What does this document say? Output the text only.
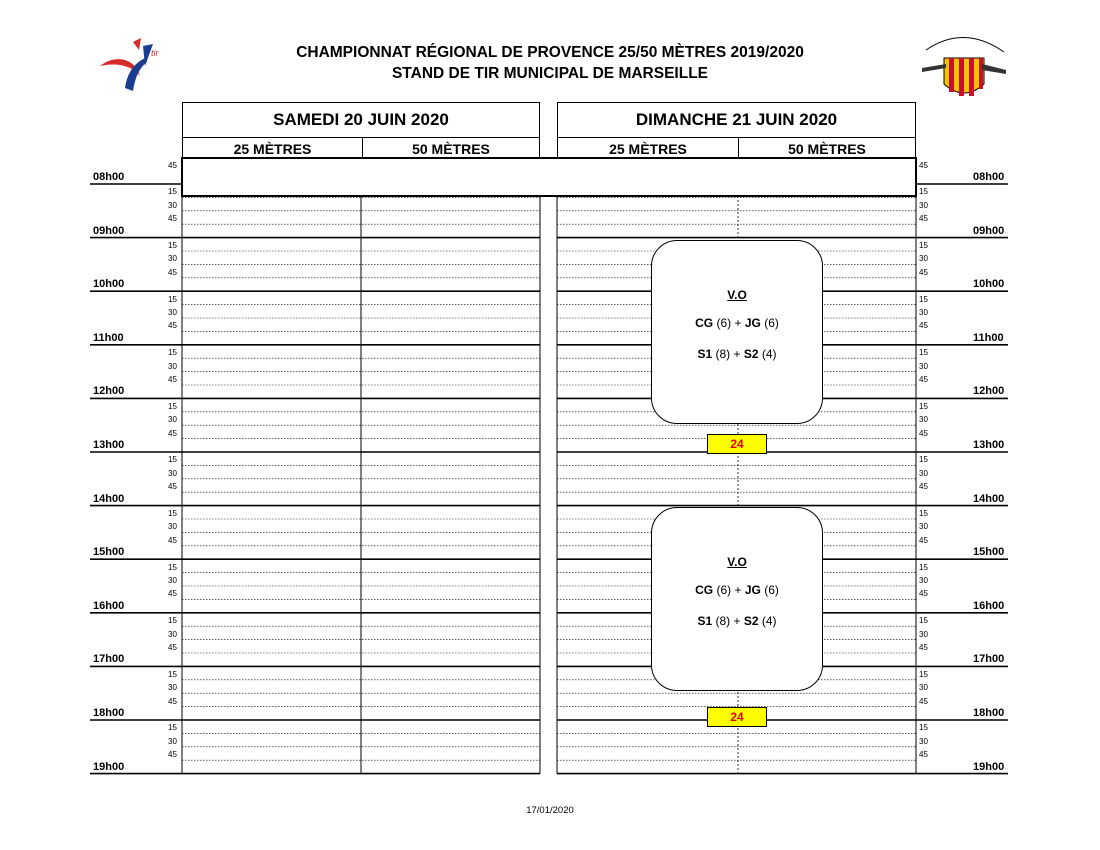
tir	CHAMPIONNAT RÉGIONAL DE PROVENCE 25/50 MÈTRES 2019/2020
STAND DE TIR MUNICIPAL DE MARSEILLE
SAMEDI 20 JUIN 2020
25 MÈTRES	50 MÈTRES
DIMANCHE 21 JUIN 2020
25 MÈTRES	50 MÈTRES
08h00	08h00
15	15
30	30
45	45
09h00	09h00
15	15
30	30
45	45
10h00	10h00
15	15
30	30
45	45
11h00	11h00
15	15
30	30
45	45
12h00	12h00
15	15
30	30
45	45
13h00	13h00
15	15
30	30
45	45
14h00	14h00
15	15
30	30
45	45
15h00	15h00
15	15
30	30
45	45
16h00	16h00
15	15
30	30
45	45
17h00	17h00
15	15
30	30
45	45
18h00	18h00
15	15
30	30
45	45
19h00	19h00
45	45
V.O
CG (6) + JG (6)
S1 (8) + S2 (4)
24
V.O
CG (6) + JG (6)
S1 (8) + S2 (4)
24
17/01/2020
